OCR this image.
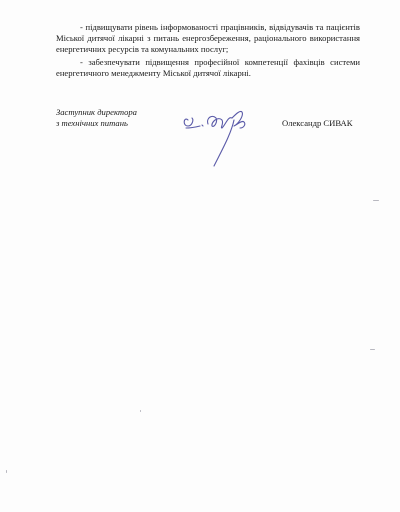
- підвищувати рівень інформованості працівників, відвідувачів та пацієнтів Міської дитячої лікарні з питань енергозбереження, раціонального використання енергетичних ресурсів та комунальних послуг;

- забезпечувати підвищення професійної компетенції фахівців системи енергетичного менеджменту Міської дитячої лікарні.

Заступник директора
з технічних питань	Олександр СИВАК
